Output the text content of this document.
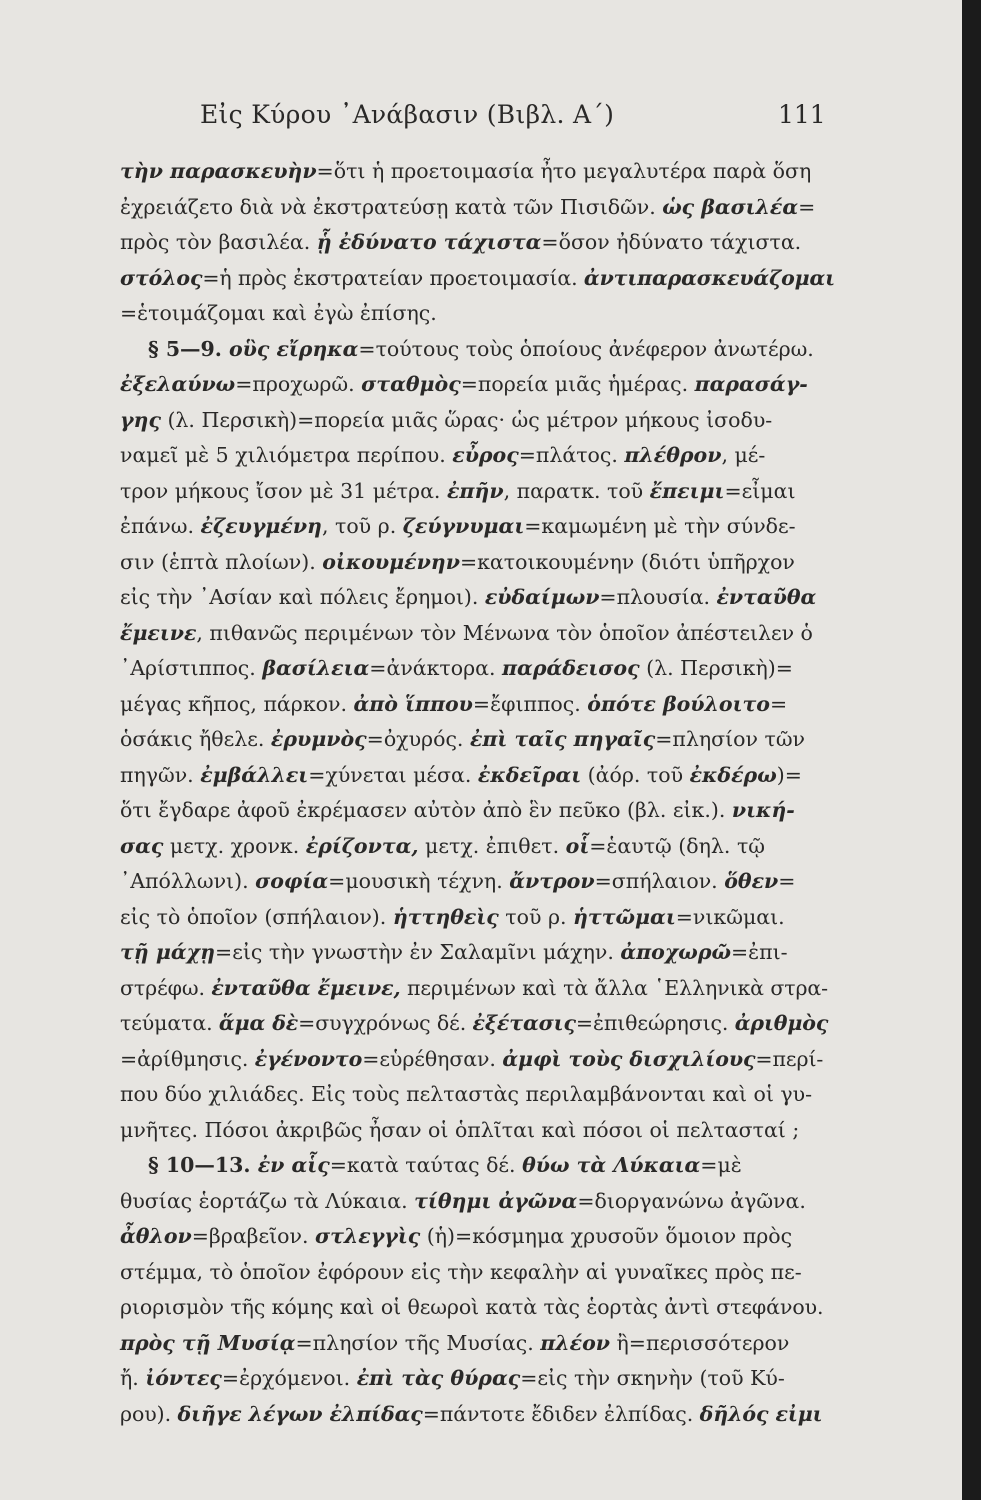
Εἰς Κύρου ᾿Ανάβασιν (Βιβλ. Α΄)	111
τὴν παρασκευὴν=ὅτι ἡ προετοιμασία ἦτο μεγαλυτέρα παρὰ ὅση
ἐχρειάζετο διὰ νὰ ἐκστρατεύσῃ κατὰ τῶν Πισιδῶν. ὡς βασιλέα=
πρὸς τὸν βασιλέα. ᾗ ἐδύνατο τάχιστα=ὅσον ἠδύνατο τάχιστα.
στόλος=ἡ πρὸς ἐκστρατείαν προετοιμασία. ἀντιπαρασκευάζομαι
=ἑτοιμάζομαι καὶ ἐγὼ ἐπίσης.
§ 5—9. οὓς εἴρηκα=τούτους τοὺς ὁποίους ἀνέφερον ἀνωτέρω.
ἐξελαύνω=προχωρῶ. σταθμὸς=πορεία μιᾶς ἡμέρας. παρασάγ-
γης (λ. Περσικὴ)=πορεία μιᾶς ὥρας· ὡς μέτρον μήκους ἰσοδυ-
ναμεῖ μὲ 5 χιλιόμετρα περίπου. εὖρος=πλάτος. πλέθρον, μέ-
τρον μήκους ἴσον μὲ 31 μέτρα. ἐπῆν, παρατκ. τοῦ ἔπειμι=εἶμαι
ἐπάνω. ἐζευγμένη, τοῦ ρ. ζεύγνυμαι=καμωμένη μὲ τὴν σύνδε-
σιν (ἑπτὰ πλοίων). οἰκουμένην=κατοικουμένην (διότι ὑπῆρχον
εἰς τὴν ᾿Ασίαν καὶ πόλεις ἔρημοι). εὐδαίμων=πλουσία. ἐνταῦθα
ἔμεινε, πιθανῶς περιμένων τὸν Μένωνα τὸν ὁποῖον ἀπέστειλεν ὁ
᾿Αρίστιππος. βασίλεια=ἀνάκτορα. παράδεισος (λ. Περσικὴ)=
μέγας κῆπος, πάρκον. ἀπὸ ἵππου=ἔφιππος. ὁπότε βούλοιτο=
ὁσάκις ἤθελε. ἐρυμνὸς=ὀχυρός. ἐπὶ ταῖς πηγαῖς=πλησίον τῶν
πηγῶν. ἐμβάλλει=χύνεται μέσα. ἐκδεῖραι (ἀόρ. τοῦ ἐκδέρω)=
ὅτι ἔγδαρε ἀφοῦ ἐκρέμασεν αὐτὸν ἀπὸ ἓν πεῦκο (βλ. εἰκ.). νική-
σας μετχ. χρονκ. ἐρίζοντα, μετχ. ἐπιθετ. οἷ=ἑαυτῷ (δηλ. τῷ
᾿Απόλλωνι). σοφία=μουσικὴ τέχνη. ἄντρον=σπήλαιον. ὅθεν=
εἰς τὸ ὁποῖον (σπήλαιον). ἡττηθεὶς τοῦ ρ. ἡττῶμαι=νικῶμαι.
τῇ μάχῃ=εἰς τὴν γνωστὴν ἐν Σαλαμῖνι μάχην. ἀποχωρῶ=ἐπι-
στρέφω. ἐνταῦθα ἔμεινε, περιμένων καὶ τὰ ἄλλα ῾Ελληνικὰ στρα-
τεύματα. ἅμα δὲ=συγχρόνως δέ. ἐξέτασις=ἐπιθεώρησις. ἀριθμὸς
=ἀρίθμησις. ἐγένοντο=εὑρέθησαν. ἀμφὶ τοὺς δισχιλίους=περί-
που δύο χιλιάδες. Εἰς τοὺς πελταστὰς περιλαμβάνονται καὶ οἱ γυ-
μνῆτες. Πόσοι ἀκριβῶς ἦσαν οἱ ὁπλῖται καὶ πόσοι οἱ πελτασταί ;
§ 10—13. ἐν αἷς=κατὰ ταύτας δέ. θύω τὰ Λύκαια=μὲ
θυσίας ἑορτάζω τὰ Λύκαια. τίθημι ἀγῶνα=διοργανώνω ἀγῶνα.
ἆθλον=βραβεῖον. στλεγγὶς (ἡ)=κόσμημα χρυσοῦν ὅμοιον πρὸς
στέμμα, τὸ ὁποῖον ἐφόρουν εἰς τὴν κεφαλὴν αἱ γυναῖκες πρὸς πε-
ριορισμὸν τῆς κόμης καὶ οἱ θεωροὶ κατὰ τὰς ἑορτὰς ἀντὶ στεφάνου.
πρὸς τῇ Μυσίᾳ=πλησίον τῆς Μυσίας. πλέον ἢ=περισσότερον
ἤ. ἰόντες=ἐρχόμενοι. ἐπὶ τὰς θύρας=εἰς τὴν σκηνὴν (τοῦ Κύ-
ρου). διῆγε λέγων ἐλπίδας=πάντοτε ἔδιδεν ἐλπίδας. δῆλός εἰμι
